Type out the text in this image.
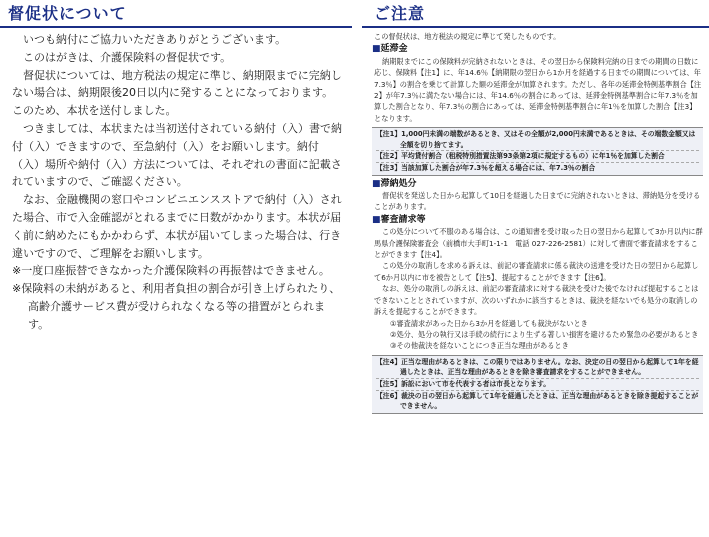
督促状について

いつも納付にご協力いただきありがとうございます。

このはがきは、介護保険料の督促状です。

督促状については、地方税法の規定に準じ、納期限までに完納しない場合は、納期限後20日以内に発することになっております。このため、本状を送付しました。

つきましては、本状または当初送付されている納付（入）書で納付（入）できますので、至急納付（入）をお願いします。納付（入）場所や納付（入）方法については、それぞれの書面に記載されていますので、ご確認ください。

なお、金融機関の窓口やコンビニエンスストアで納付（入）された場合、市で入金確認がとれるまでに日数がかかります。本状が届く前に納めたにもかかわらず、本状が届いてしまった場合は、行き違いですので、ご理解をお願いします。

※一度口座振替できなかった介護保険料の再振替はできません。

※保険料の未納があると、利用者負担の割合が引き上げられたり、

高齢介護サービス費が受けられなくなる等の措置がとられます。

ご注意

この督促状は、地方税法の規定に準じて発したものです。

■延滞金

納期限までにこの保険料が完納されないときは、その翌日から保険料完納の日までの期間の日数に応じ、保険料【注1】に、年14.6％【納期限の翌日から1か月を経過する日までの期間については、年7.3％】の割合を乗じて計算した額の延滞金が加算されます。ただし、各年の延滞金特例基準割合【注2】が年7.3％に満たない場合には、年14.6％の割合にあっては、延滞金特例基準割合に年7.3％を加算した割合となり、年7.3％の割合にあっては、延滞金特例基準割合に年1％を加算した割合【注3】となります。

【注1】1,000円未満の端数があるとき、又はその全額が2,000円未満であるときは、その端数金額又は全額を切り捨てます。
【注2】平均貸付割合（租税特別措置法第93条第2項に規定するもの）に年1％を加算した割合
【注3】当該加算した割合が年7.3％を超える場合には、年7.3％の割合
■滞納処分

督促状を発送した日から起算して10日を経過した日までに完納されないときは、滞納処分を受けることがあります。

■審査請求等

この処分について不服のある場合は、この通知書を受け取った日の翌日から起算して3か月以内に群馬県介護保険審査会（前橋市大手町1-1-1　電話 027-226-2581）に対して書面で審査請求をすることができます【注4】。

この処分の取消しを求める訴えは、前記の審査請求に係る裁決の送達を受けた日の翌日から起算して6か月以内に市を被告として【注5】、提起することができます【注6】。

なお、処分の取消しの訴えは、前記の審査請求に対する裁決を受けた後でなければ提起することはできないこととされていますが、次のいずれかに該当するときは、裁決を経ないでも処分の取消しの訴えを提起することができます。

①審査請求があった日から3か月を経過しても裁決がないとき

②処分、処分の執行又は手続の続行により生ずる著しい損害を避けるため緊急の必要があるとき

③その他裁決を経ないことにつき正当な理由があるとき

【注4】正当な理由があるときは、この限りではありません。なお、決定の日の翌日から起算して1年を経過したときは、正当な理由があるときを除き審査請求をすることができません。
【注5】訴訟において市を代表する者は市長となります。
【注6】裁決の日の翌日から起算して1年を経過したときは、正当な理由があるときを除き提起することができません。
